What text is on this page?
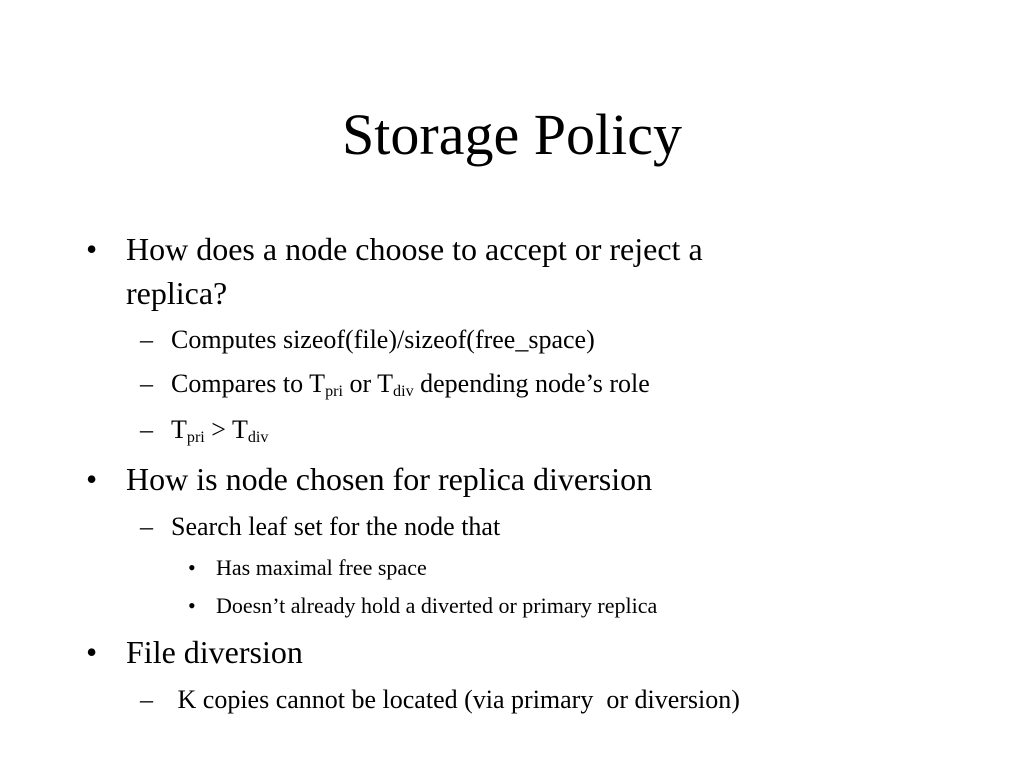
Storage Policy
• How does a node choose to accept or reject a
replica?
– Computes sizeof(file)/sizeof(free_space)
– Compares to $T_{pri}$ or $T_{div}$ depending node’s role
– $T_{pri} > T_{div}$
• How is node chosen for replica diversion
– Search leaf set for the node that
• Has maximal free space
• Doesn’t already hold a diverted or primary replica
• File diversion
– K copies cannot be located (via primary  or diversion)
